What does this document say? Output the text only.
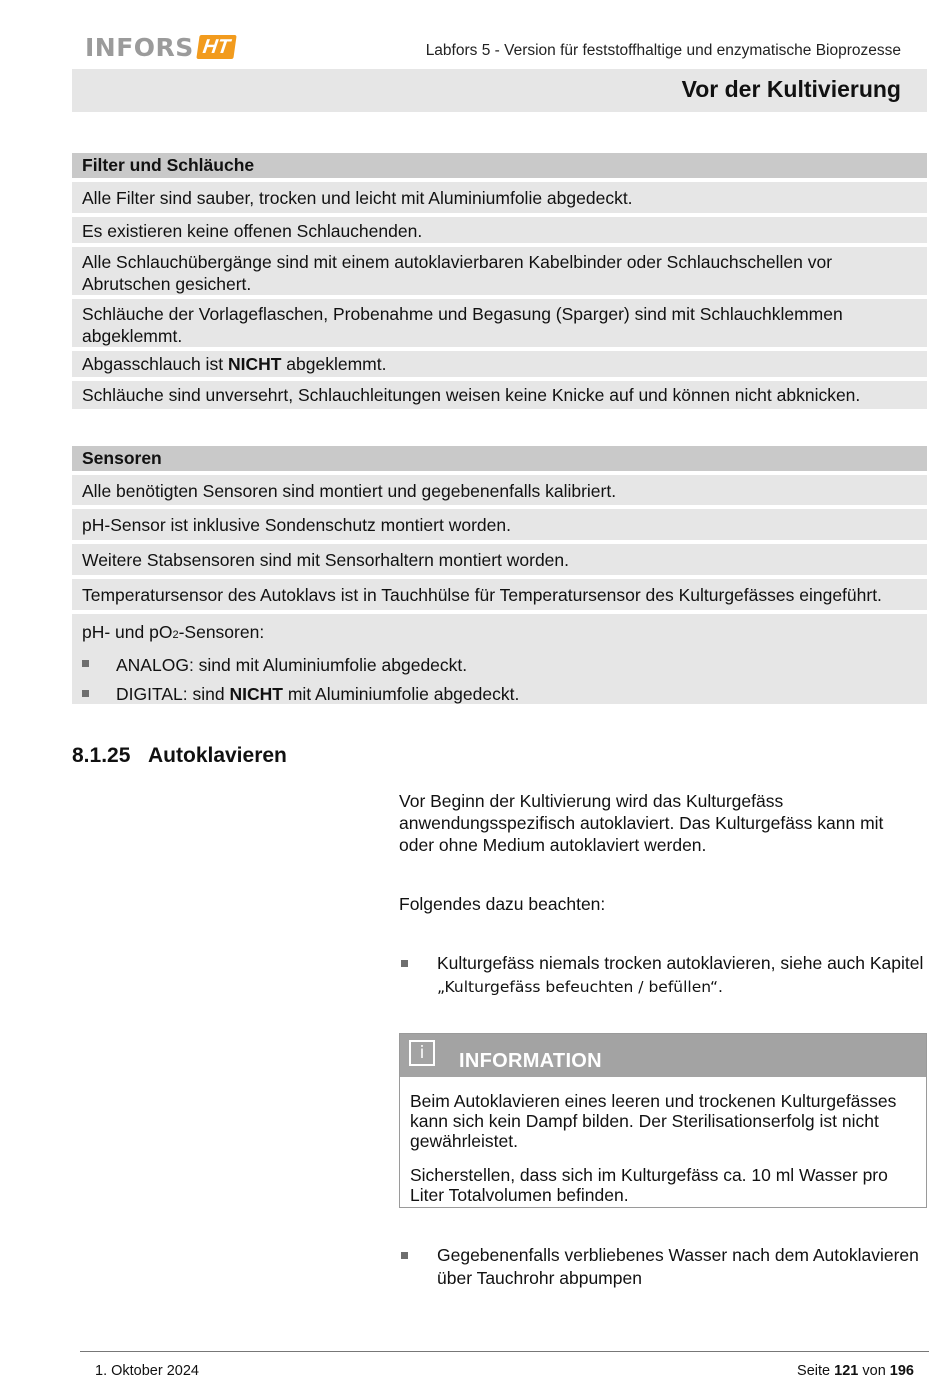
INFORS HT	Labfors 5 - Version für feststoffhaltige und enzymatische Bioprozesse
Vor der Kultivierung
Filter und Schläuche
Alle Filter sind sauber, trocken und leicht mit Aluminiumfolie abgedeckt.
Es existieren keine offenen Schlauchenden.
Alle Schlauchübergänge sind mit einem autoklavierbaren Kabelbinder oder Schlauchschellen vor Abrutschen gesichert.
Schläuche der Vorlageflaschen, Probenahme und Begasung (Sparger) sind mit Schlauchklemmen abgeklemmt.
Abgasschlauch ist NICHT abgeklemmt.
Schläuche sind unversehrt, Schlauchleitungen weisen keine Knicke auf und können nicht abknicken.
Sensoren
Alle benötigten Sensoren sind montiert und gegebenenfalls kalibriert.
pH-Sensor ist inklusive Sondenschutz montiert worden.
Weitere Stabsensoren sind mit Sensorhaltern montiert worden.
Temperatursensor des Autoklavs ist in Tauchhülse für Temperatursensor des Kulturgefässes eingeführt.
pH- und pO2-Sensoren:
ANALOG: sind mit Aluminiumfolie abgedeckt.
DIGITAL: sind NICHT mit Aluminiumfolie abgedeckt.
8.1.25 Autoklavieren
Vor Beginn der Kultivierung wird das Kulturgefäss anwendungsspezifisch autoklaviert. Das Kulturgefäss kann mit oder ohne Medium autoklaviert werden.
Folgendes dazu beachten:
Kulturgefäss niemals trocken autoklavieren, siehe auch Kapitel „Kulturgefäss befeuchten / befüllen“.
i	INFORMATION

Beim Autoklavieren eines leeren und trockenen Kulturgefässes kann sich kein Dampf bilden. Der Sterilisationserfolg ist nicht gewährleistet.

Sicherstellen, dass sich im Kulturgefäss ca. 10 ml Wasser pro Liter Totalvolumen befinden.

Gegebenenfalls verbliebenes Wasser nach dem Autoklavieren über Tauchrohr abpumpen
1. Oktober 2024	Seite 121 von 196
